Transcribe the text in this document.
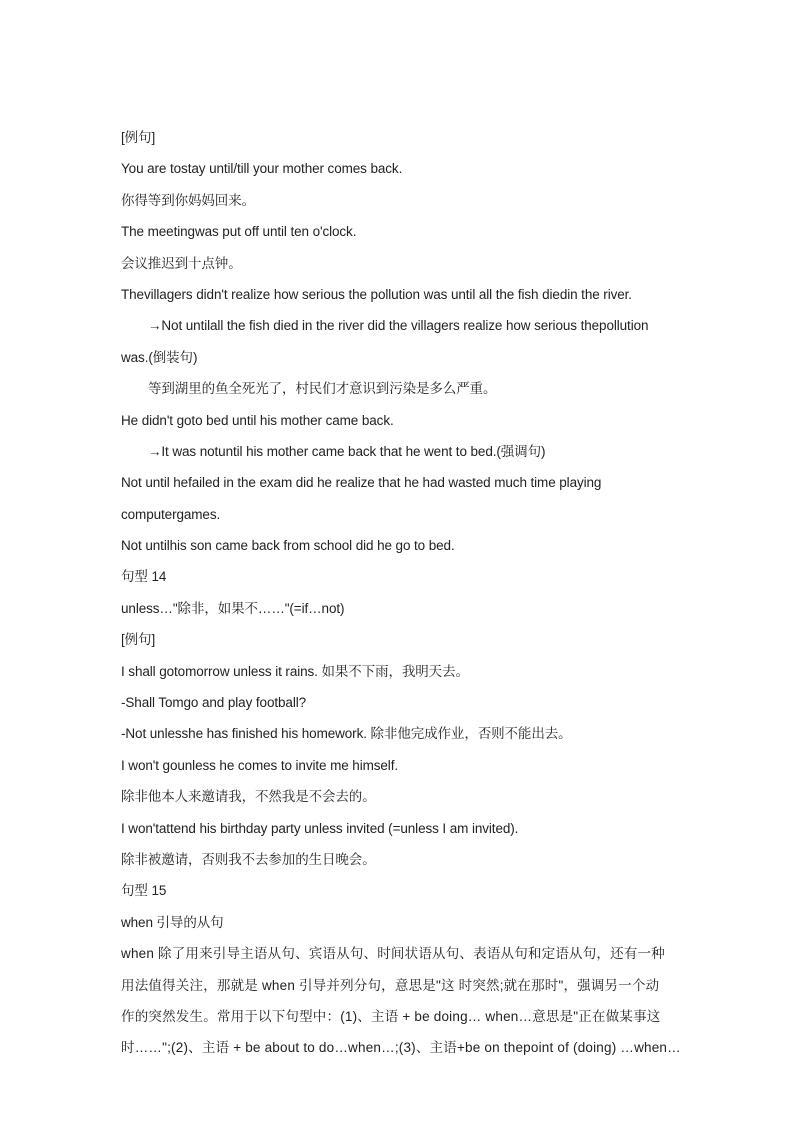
[例句]
You are tostay until/till your mother comes back.
你得等到你妈妈回来。
The meetingwas put off until ten o'clock.
会议推迟到十点钟。
Thevillagers didn't realize how serious the pollution was until all the fish diedin the river.
→Not untilall the fish died in the river did the villagers realize how serious thepollution
was.(倒装句)
等到湖里的鱼全死光了，村民们才意识到污染是多么严重。
He didn't goto bed until his mother came back.
→It was notuntil his mother came back that he went to bed.(强调句)
Not until hefailed in the exam did he realize that he had wasted much time playing
computergames.
Not untilhis son came back from school did he go to bed.
句型 14
unless…"除非，如果不……"(=if…not)
[例句]
I shall gotomorrow unless it rains. 如果不下雨，我明天去。
-Shall Tomgo and play football?
-Not unlesshe has finished his homework. 除非他完成作业，否则不能出去。
I won't gounless he comes to invite me himself.
除非他本人来邀请我，不然我是不会去的。
I won'tattend his birthday party unless invited (=unless I am invited).
除非被邀请，否则我不去参加的生日晚会。
句型 15
when 引导的从句
when 除了用来引导主语从句、宾语从句、时间状语从句、表语从句和定语从句，还有一种
用法值得关注，那就是 when 引导并列分句，意思是"这 时突然;就在那时"，强调另一个动
作的突然发生。常用于以下句型中：(1)、主语 + be doing… when…意思是"正在做某事这
时……";(2)、主语 + be about to do…when…;(3)、主语+be on thepoint of (doing) …when…
